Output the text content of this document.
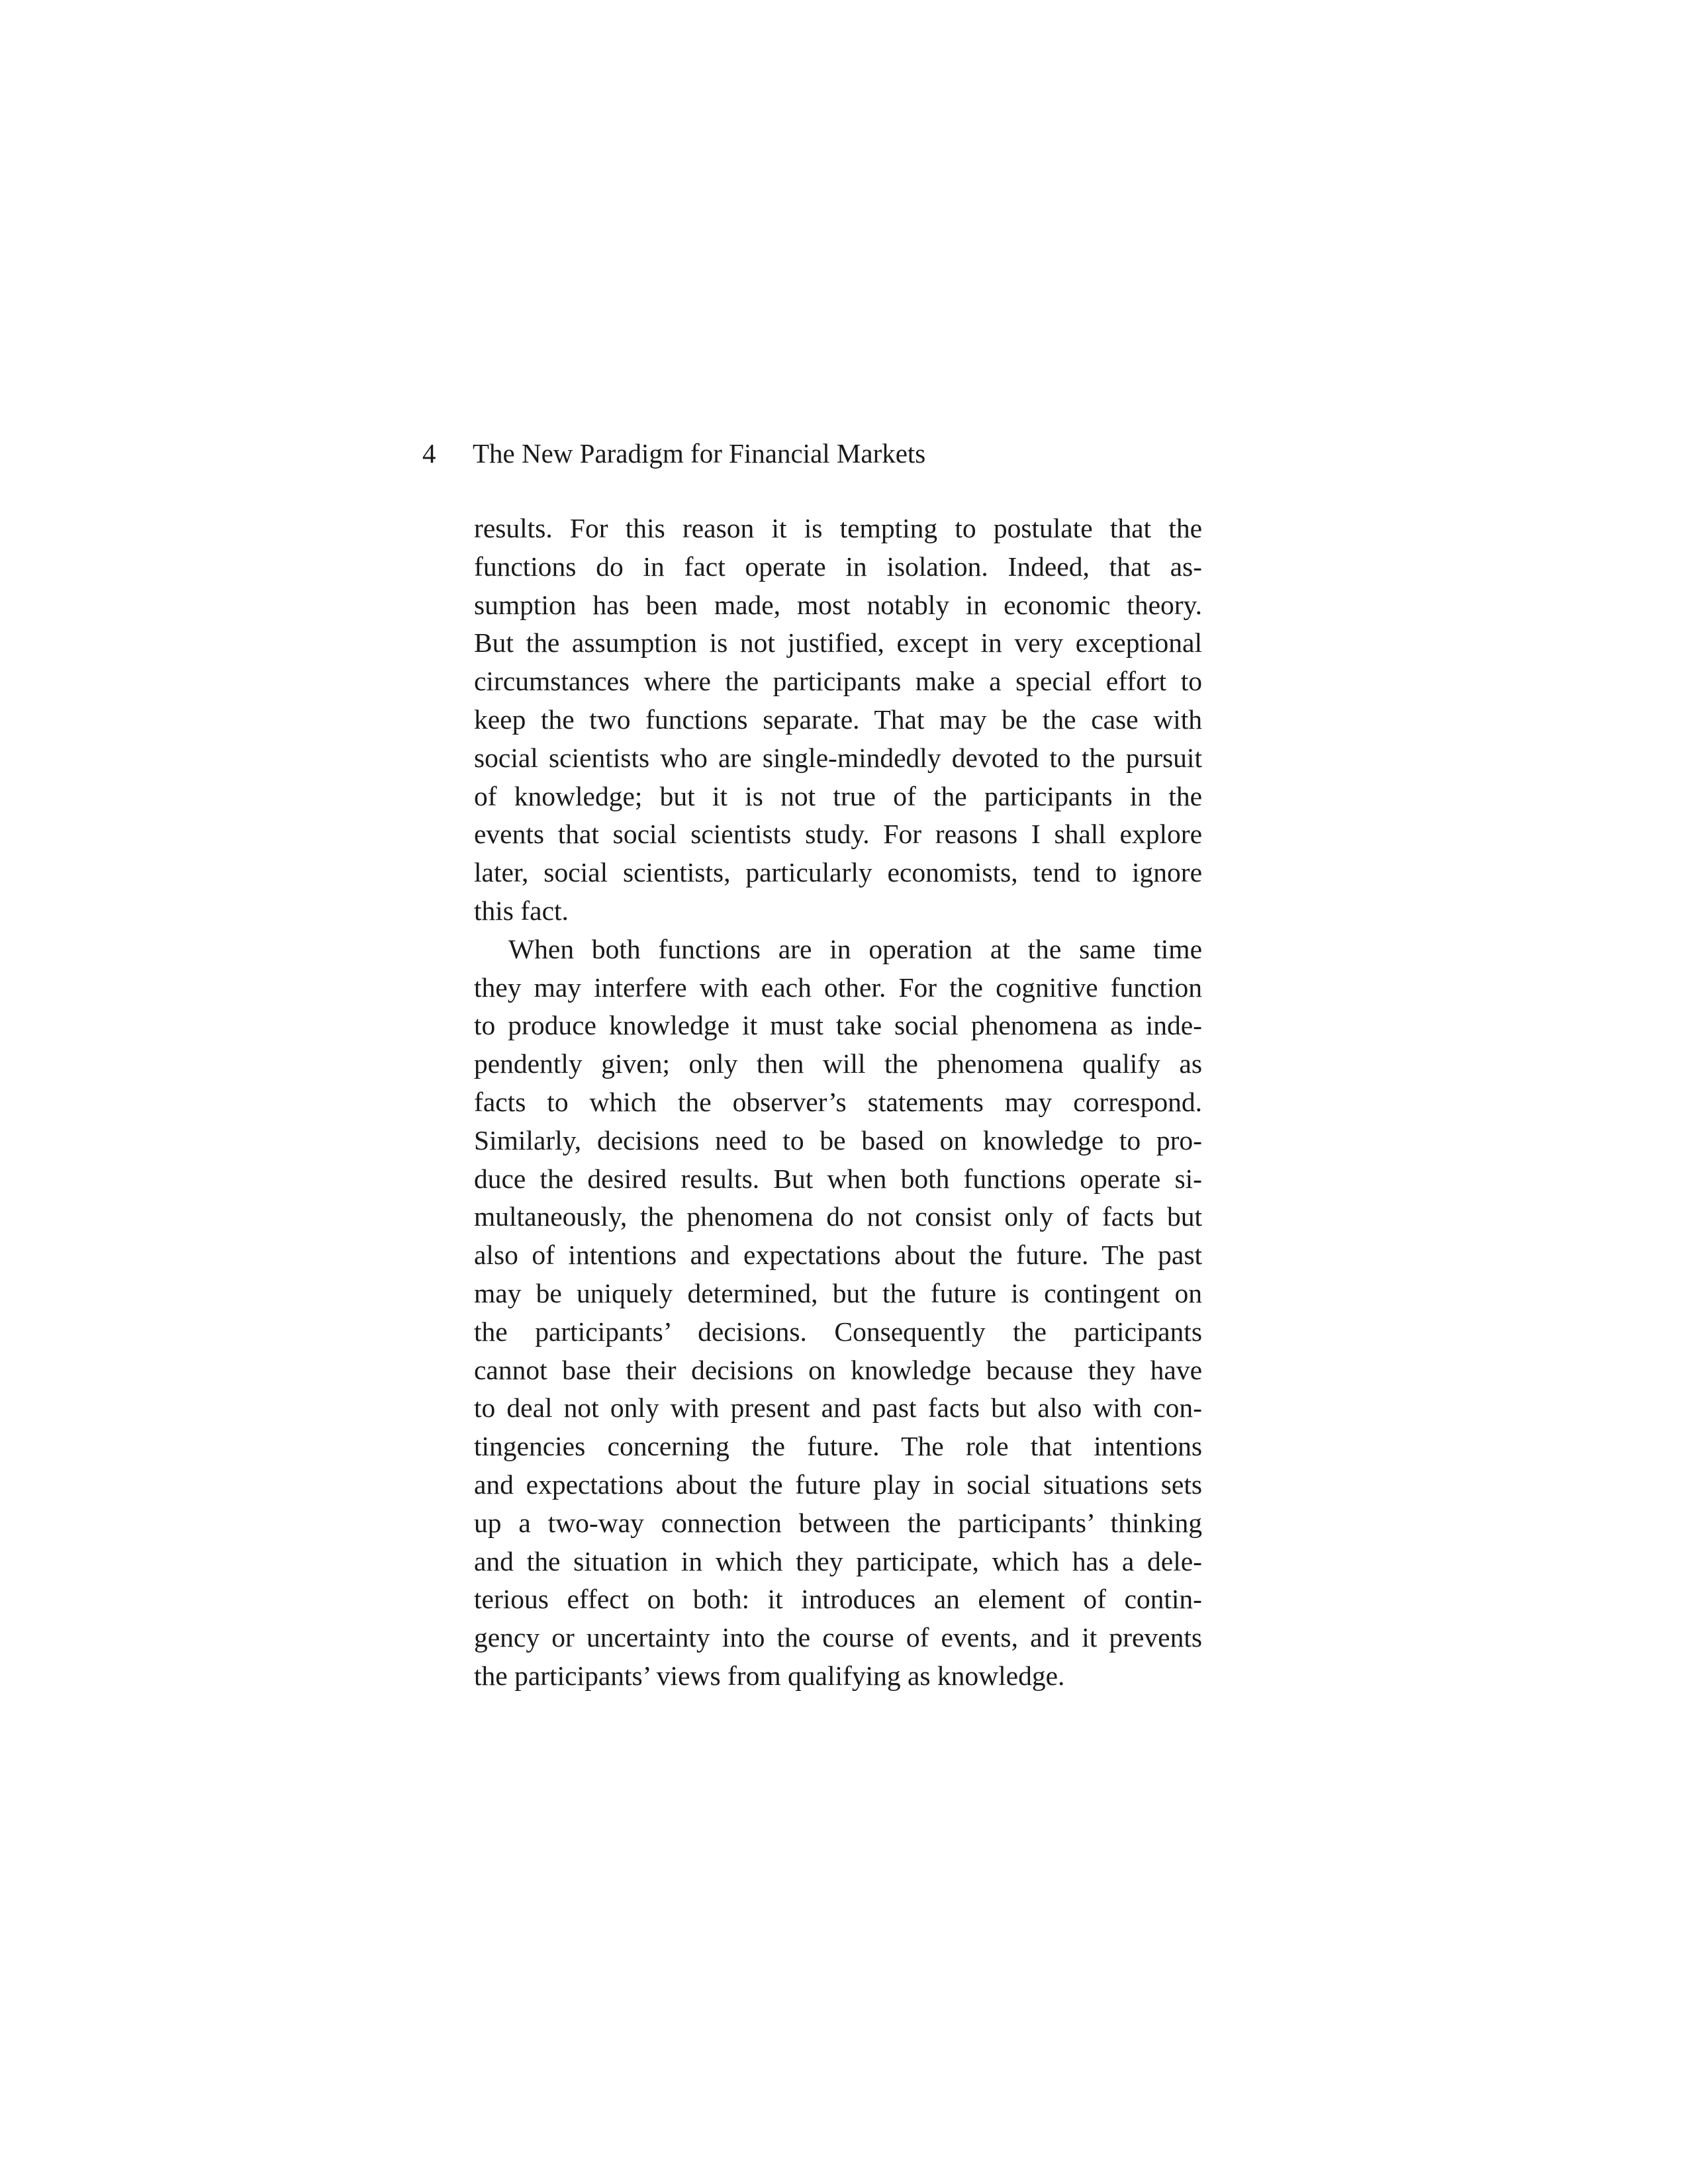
4 The New Paradigm for Financial Markets
results. For this reason it is tempting to postulate that the
functions do in fact operate in isolation. Indeed, that as-
sumption has been made, most notably in economic theory.
But the assumption is not justified, except in very exceptional
circumstances where the participants make a special effort to
keep the two functions separate. That may be the case with
social scientists who are single-mindedly devoted to the pursuit
of knowledge; but it is not true of the participants in the
events that social scientists study. For reasons I shall explore
later, social scientists, particularly economists, tend to ignore
this fact.
When both functions are in operation at the same time
they may interfere with each other. For the cognitive function
to produce knowledge it must take social phenomena as inde-
pendently given; only then will the phenomena qualify as
facts to which the observer’s statements may correspond.
Similarly, decisions need to be based on knowledge to pro-
duce the desired results. But when both functions operate si-
multaneously, the phenomena do not consist only of facts but
also of intentions and expectations about the future. The past
may be uniquely determined, but the future is contingent on
the participants’ decisions. Consequently the participants
cannot base their decisions on knowledge because they have
to deal not only with present and past facts but also with con-
tingencies concerning the future. The role that intentions
and expectations about the future play in social situations sets
up a two-way connection between the participants’ thinking
and the situation in which they participate, which has a dele-
terious effect on both: it introduces an element of contin-
gency or uncertainty into the course of events, and it prevents
the participants’ views from qualifying as knowledge.
